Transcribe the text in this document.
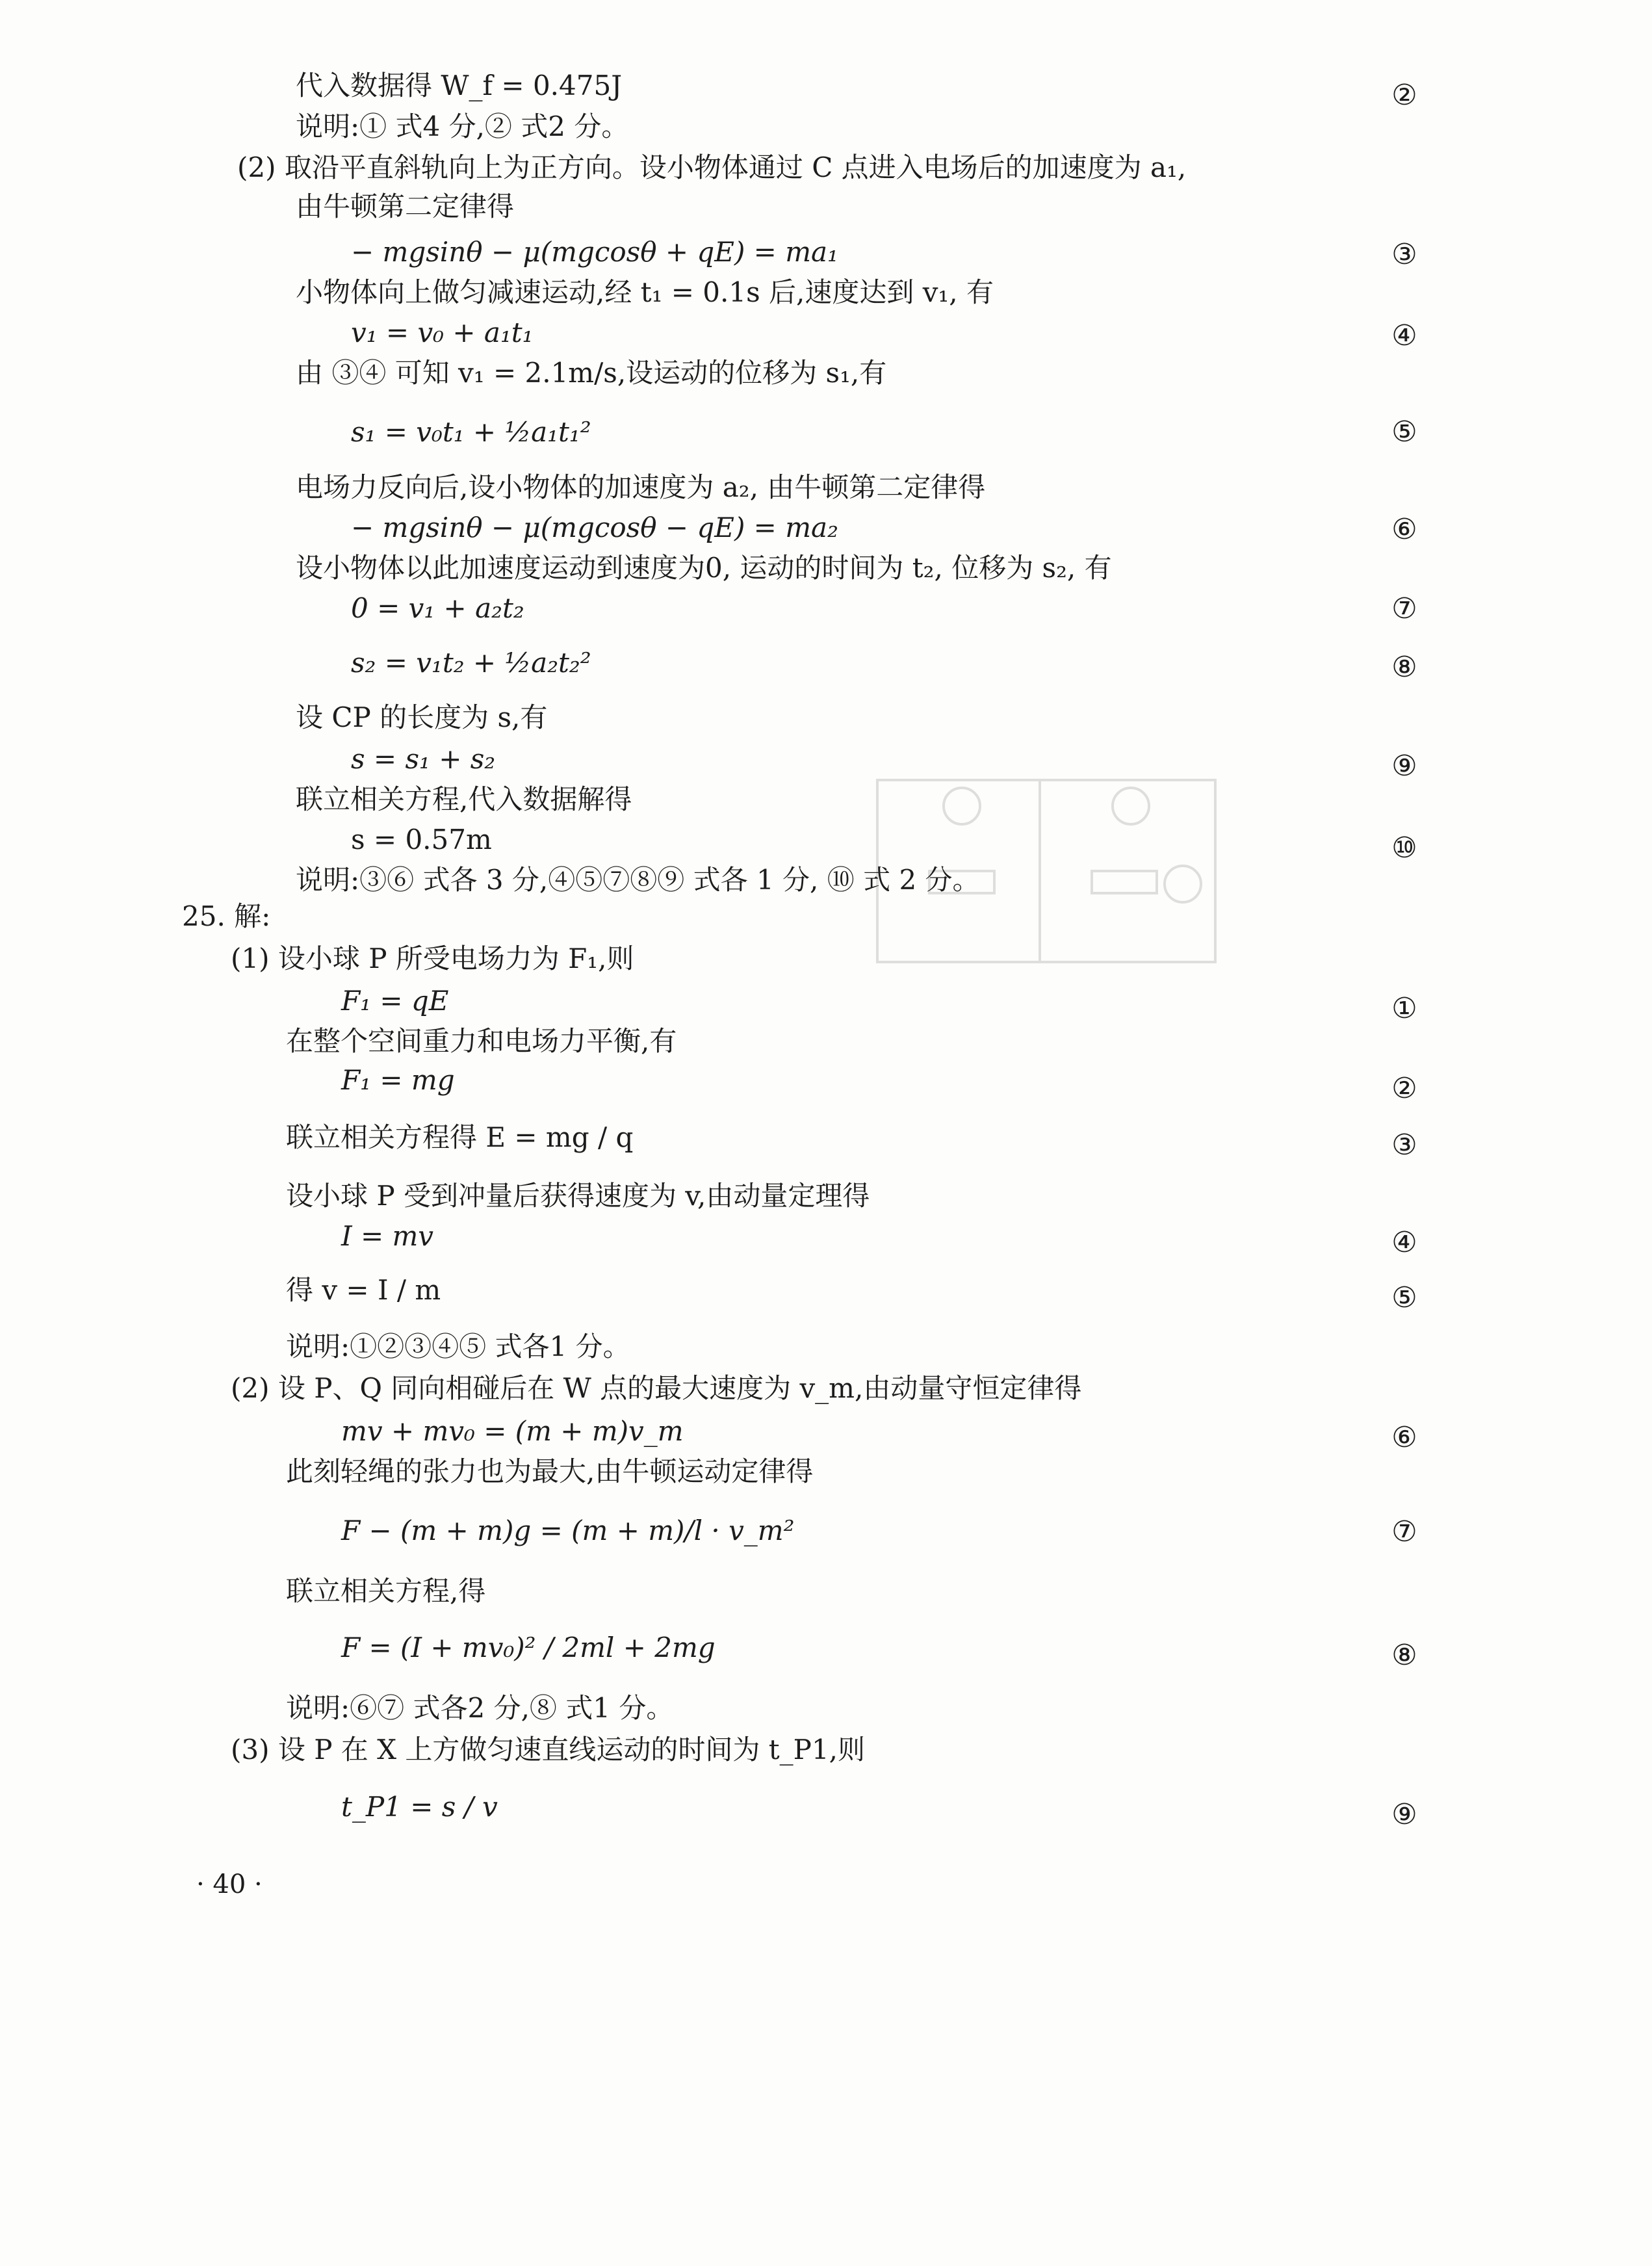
代入数据得 W_f = 0.475J
说明:① 式4 分,② 式2 分。
(2) 取沿平直斜轨向上为正方向。设小物体通过 C 点进入电场后的加速度为 a₁,
由牛顿第二定律得
− mgsinθ − μ(mgcosθ + qE) = ma₁
小物体向上做匀减速运动,经 t₁ = 0.1s 后,速度达到 v₁, 有
v₁ = v₀ + a₁t₁
由 ③④ 可知 v₁ = 2.1m/s,设运动的位移为 s₁,有
s₁ = v₀t₁ + ½a₁t₁²
电场力反向后,设小物体的加速度为 a₂, 由牛顿第二定律得
− mgsinθ − μ(mgcosθ − qE) = ma₂
设小物体以此加速度运动到速度为0, 运动的时间为 t₂, 位移为 s₂, 有
0 = v₁ + a₂t₂
s₂ = v₁t₂ + ½a₂t₂²
设 CP 的长度为 s,有
s = s₁ + s₂
联立相关方程,代入数据解得
s = 0.57m
说明:③⑥ 式各 3 分,④⑤⑦⑧⑨ 式各 1 分, ⑩ 式 2 分。
25. 解:
(1) 设小球 P 所受电场力为 F₁,则
F₁ = qE
在整个空间重力和电场力平衡,有
F₁ = mg
联立相关方程得 E = mg / q
设小球 P 受到冲量后获得速度为 v,由动量定理得
I = mv
得 v = I / m
说明:①②③④⑤ 式各1 分。
(2) 设 P、Q 同向相碰后在 W 点的最大速度为 v_m,由动量守恒定律得
mv + mv₀ = (m + m)v_m
此刻轻绳的张力也为最大,由牛顿运动定律得
F − (m + m)g = (m + m)/l · v_m²
联立相关方程,得
F = (I + mv₀)² / 2ml + 2mg
说明:⑥⑦ 式各2 分,⑧ 式1 分。
(3) 设 P 在 X 上方做匀速直线运动的时间为 t_P1,则
t_P1 = s / v
②
③
④
⑤
⑥
⑦
⑧
⑨
⑩
①
②
③
④
⑤
⑥
⑦
⑧
⑨
· 40 ·
